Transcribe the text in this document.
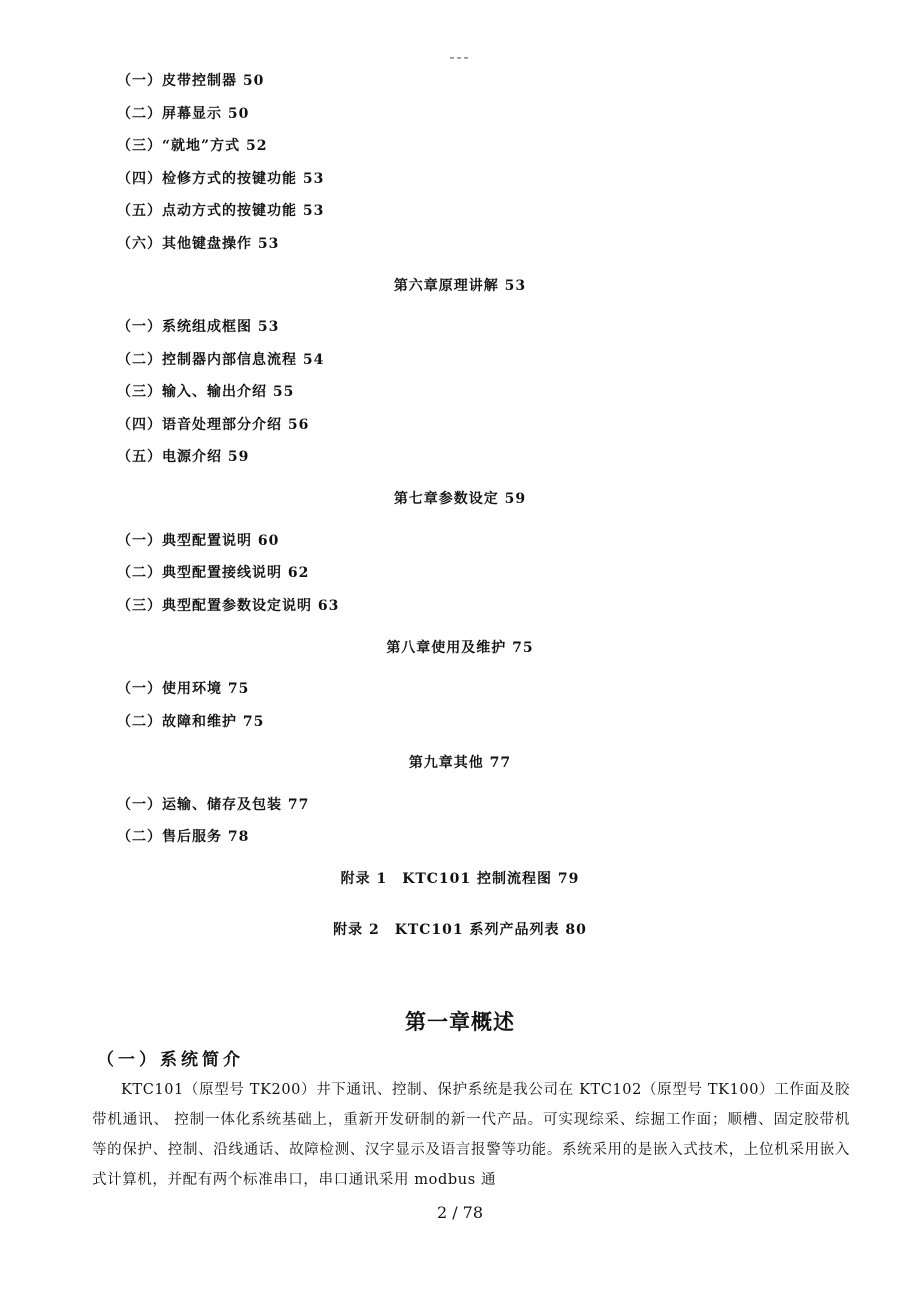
---
（一）皮带控制器 50
（二）屏幕显示 50
（三）“就地”方式 52
（四）检修方式的按键功能 53
（五）点动方式的按键功能 53
（六）其他键盘操作 53
第六章原理讲解 53
（一）系统组成框图 53
（二）控制器内部信息流程 54
（三）输入、输出介绍 55
（四）语音处理部分介绍 56
（五）电源介绍 59
第七章参数设定 59
（一）典型配置说明 60
（二）典型配置接线说明 62
（三）典型配置参数设定说明 63
第八章使用及维护 75
（一）使用环境 75
（二）故障和维护 75
第九章其他 77
（一）运输、储存及包装 77
（二）售后服务 78
附录 1　KTC101 控制流程图 79
附录 2　KTC101 系列产品列表 80
第一章概述
（一）系统简介
KTC101（原型号 TK200）井下通讯、控制、保护系统是我公司在 KTC102（原型号 TK100）工作面及胶带机通讯、 控制一体化系统基础上，重新开发研制的新一代产品。可实现综采、综掘工作面；顺槽、固定胶带机等的保护、控制、沿线通话、故障检测、汉字显示及语言报警等功能。系统采用的是嵌入式技术，上位机采用嵌入式计算机，并配有两个标准串口，串口通讯采用 modbus 通
2 / 78
